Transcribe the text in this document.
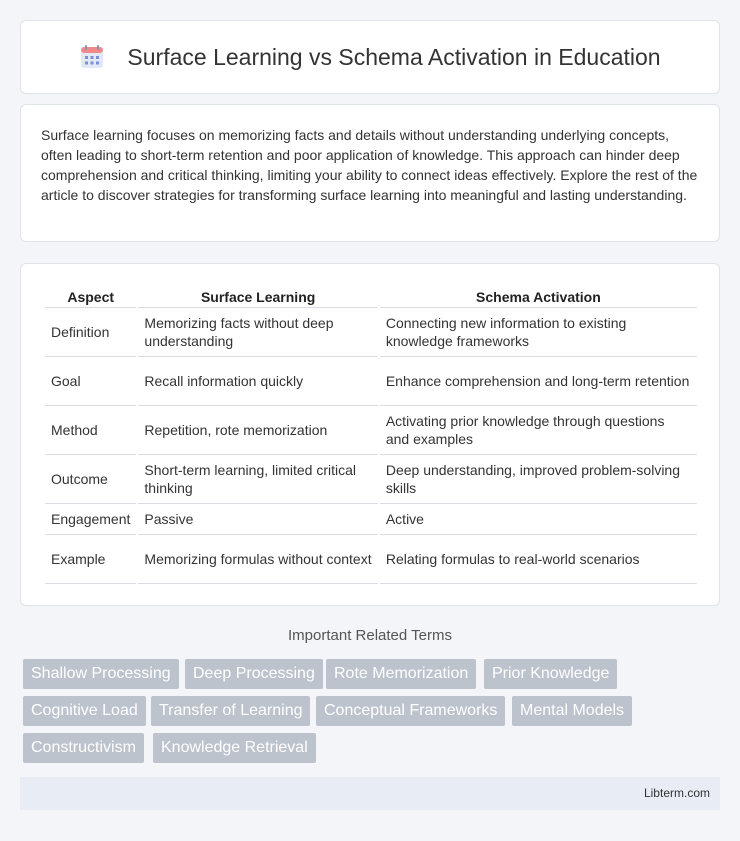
Surface Learning vs Schema Activation in Education

Surface learning focuses on memorizing facts and details without understanding underlying concepts, often leading to short-term retention and poor application of knowledge. This approach can hinder deep comprehension and critical thinking, limiting your ability to connect ideas effectively. Explore the rest of the article to discover strategies for transforming surface learning into meaningful and lasting understanding.

Aspect	Surface Learning	Schema Activation
Definition	Memorizing facts without deep understanding	Connecting new information to existing knowledge frameworks
Goal	Recall information quickly	Enhance comprehension and long-term retention
Method	Repetition, rote memorization	Activating prior knowledge through questions and examples
Outcome	Short-term learning, limited critical thinking	Deep understanding, improved problem-solving skills
Engagement	Passive	Active
Example	Memorizing formulas without context	Relating formulas to real-world scenarios
Important Related Terms
Shallow Processing	Deep Processing	Rote Memorization	Prior Knowledge
Cognitive Load	Transfer of Learning	Conceptual Frameworks	Mental Models
Constructivism	Knowledge Retrieval
Libterm.com
